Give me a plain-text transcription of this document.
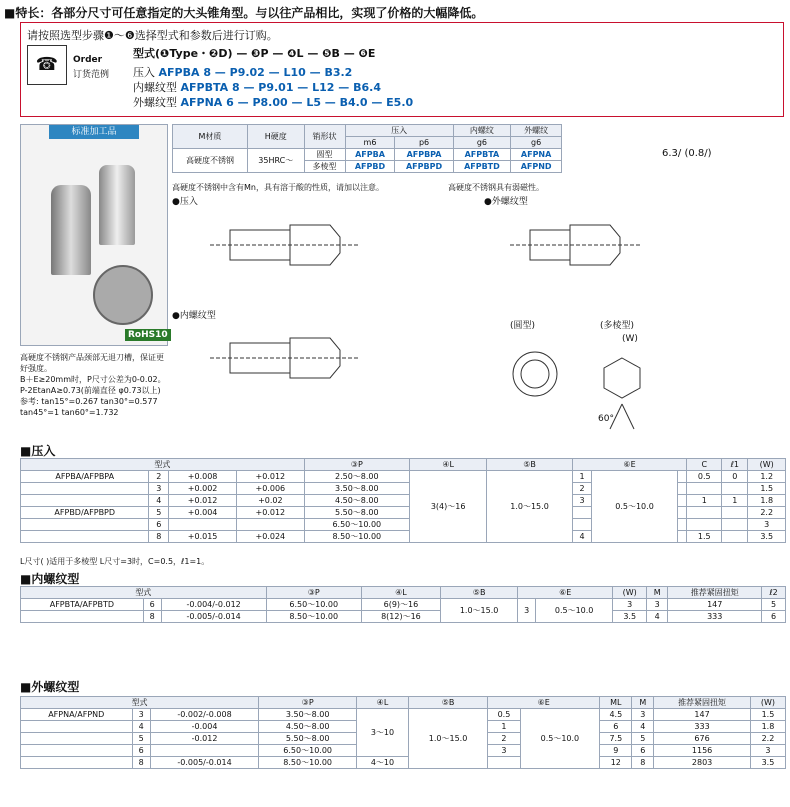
■特长：各部分尺寸可任意指定的大头锥角型。与以往产品相比，实现了价格的大幅降低。
请按照选型步骤❶～❻选择型式和参数后进行订购。
☎	Order
订货范例
型式(❶Type・❷D) — ❸P — ❹L — ❺B — ❻E
压入 AFPBA 8 — P9.02 — L10 — B3.2
内螺纹型 AFPBTA 8 — P9.01 — L12 — B6.4
外螺纹型 AFPNA 6 — P8.00 — L5 — B4.0 — E5.0
标准加工品
RoHS10
M材质	H硬度	销形状	压入		内螺纹	外螺纹
			m6	p6	g6	g6
高硬度不锈钢	35HRC～	圆型	AFPBA	AFPBPA	AFPBTA	AFPNA
		多棱型	AFPBD	AFPBPD	AFPBTD	AFPND
高硬度不锈钢中含有Mn，具有溶于酸的性质，请加以注意。	高硬度不锈钢具有弱磁性。
6.3/ (0.8/)
●压入	●外螺纹型
●内螺纹型
(圆型)	(多棱型)
(W)
60°
高硬度不锈钢产品颈部无退刀槽，保证更好强度。
B＋E≥20mm时，P尺寸公差为0-0.02。
P-2EtanA≥0.73(前端直径 φ0.73以上)
参考: tan15°=0.267 tan30°=0.577
tan45°=1 tan60°=1.732
■压入
型式				③P	④L	⑤B	⑥E			C	ℓ1	(W)
AFPBA/AFPBPA	2	+0.008	+0.012	2.50～8.00	3(4)～16	1.0～15.0	1	0.5～10.0		0.5	0	1.2
	3	+0.002	+0.006	3.50～8.00			2					1.5
	4	+0.012	+0.02	4.50～8.00			3			1	1	1.8
AFPBD/AFPBPD	5	+0.004	+0.012	5.50～8.00								2.2
	6			6.50～10.00								3
	8	+0.015	+0.024	8.50～10.00			4			1.5		3.5
L尺寸( )适用于多棱型 L尺寸=3时，C=0.5，ℓ1=1。
■内螺纹型
型式			③P	④L	⑤B	⑥E		(W)	M	推荐紧固扭矩	ℓ2
AFPBTA/AFPBTD	6	-0.004/-0.012	6.50～10.00	6(9)～16	1.0～15.0	3	0.5～10.0	3	3	147	5
	8	-0.005/-0.014	8.50～10.00	8(12)～16				3.5	4	333	6
■外螺纹型
型式			③P	④L	⑤B	⑥E		ML	M	推荐紧固扭矩	(W)
AFPNA/AFPND	3	-0.002/-0.008	3.50～8.00	3～10	1.0～15.0	0.5	0.5～10.0	4.5	3	147	1.5
	4	-0.004	4.50～8.00			1		6	4	333	1.8
	5	-0.012	5.50～8.00			2		7.5	5	676	2.2
	6		6.50～10.00			3		9	6	1156	3
	8	-0.005/-0.014	8.50～10.00	4～10				12	8	2803	3.5
